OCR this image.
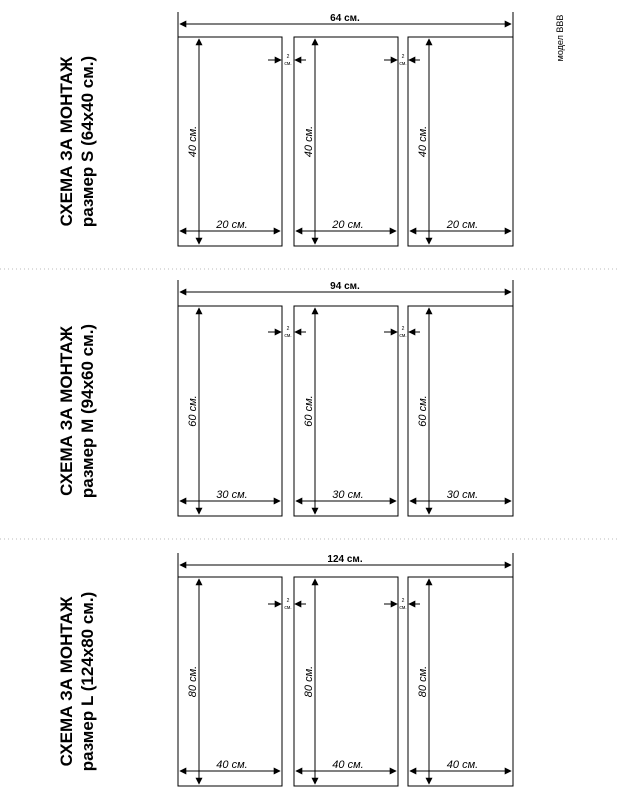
модел BBB
СХЕМА ЗА МОНТАЖ размер S (64x40 см.)
64 см.
40 см.
20 см.
40 см.
20 см.
40 см.
20 см.
2
см.
2
см.
СХЕМА ЗА МОНТАЖ размер М (94x60 см.)
94 см.
60 см.
30 см.
60 см.
30 см.
60 см.
30 см.
2
см.
2
см.
СХЕМА ЗА МОНТАЖ размер L (124x80 см.)
124 см.
80 см.
40 см.
80 см.
40 см.
80 см.
40 см.
2
см.
2
см.
